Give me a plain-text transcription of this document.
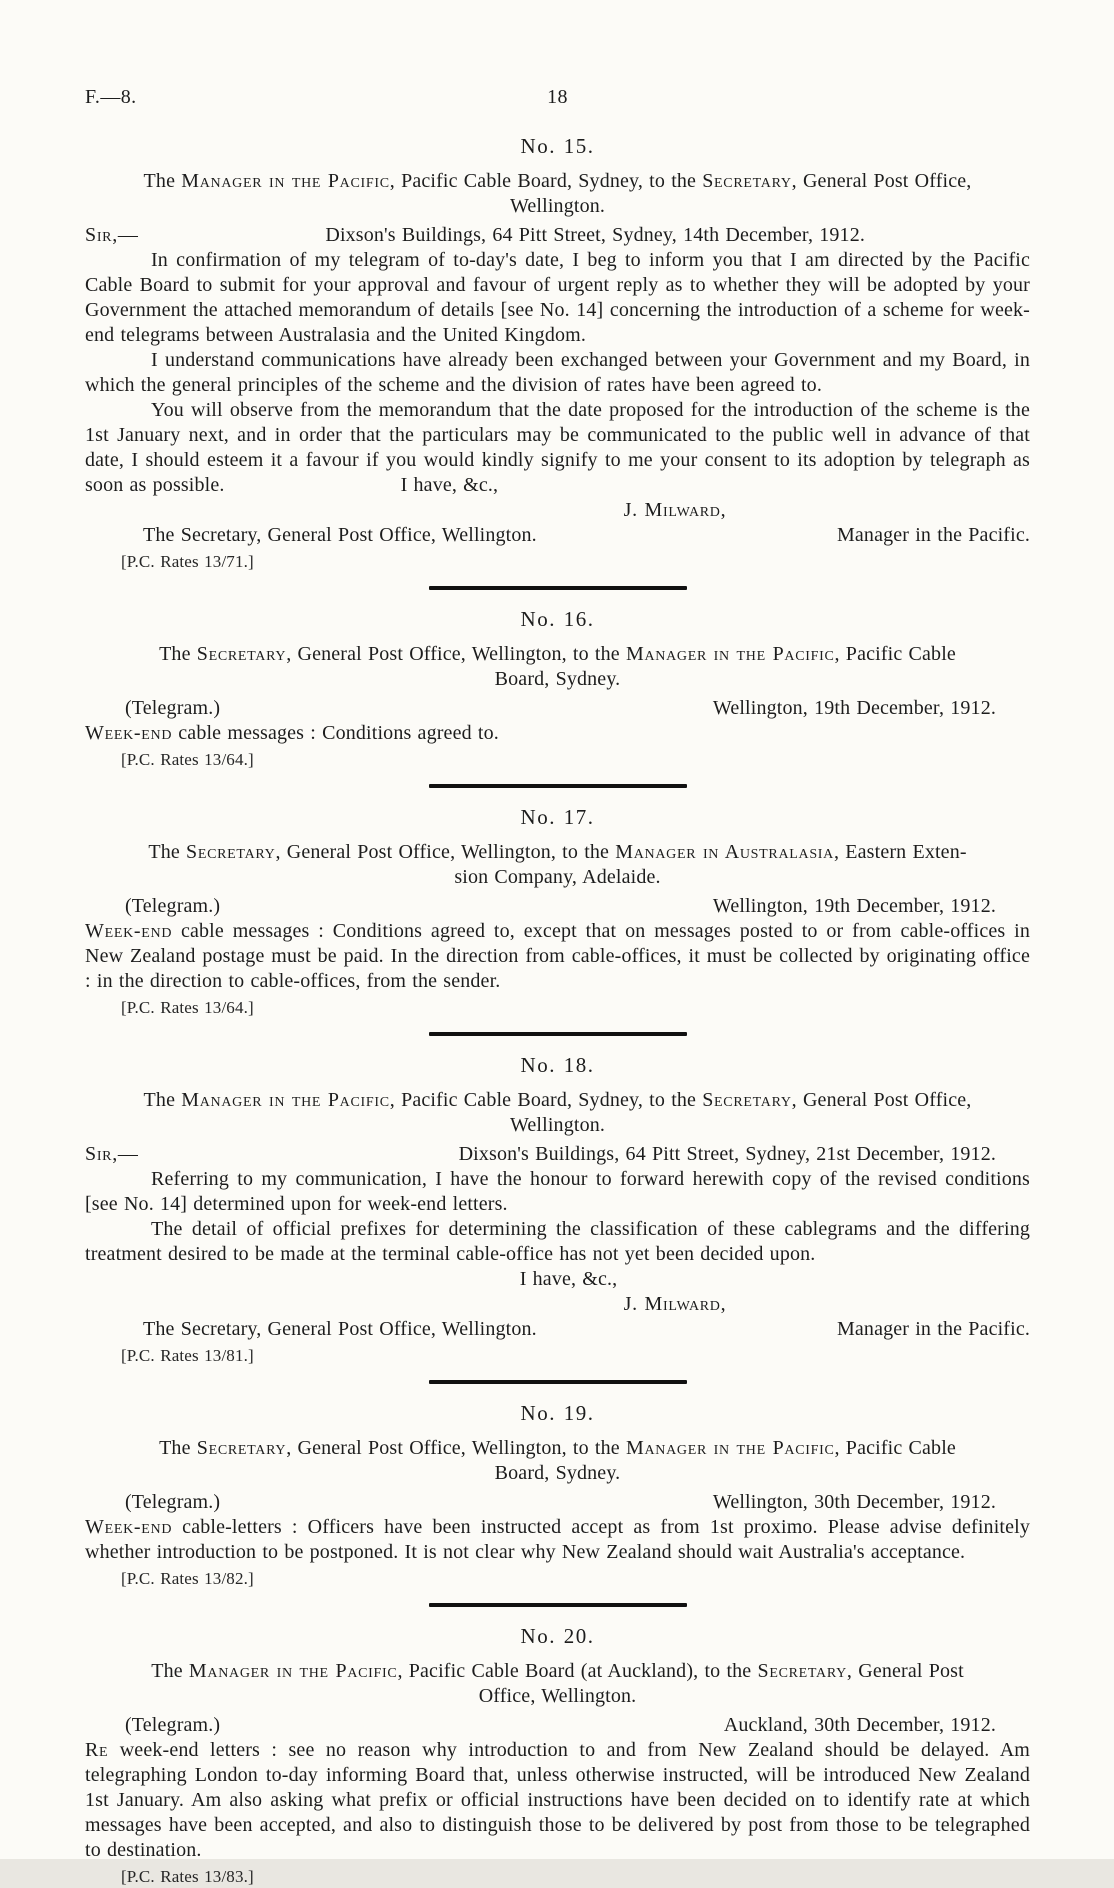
F.—8.	18
No. 15.

The Manager in the Pacific, Pacific Cable Board, Sydney, to the Secretary, General Post Office,
Wellington.

Sir,—	Dixson's Buildings, 64 Pitt Street, Sydney, 14th December, 1912.

In confirmation of my telegram of to-day's date, I beg to inform you that I am directed by the Pacific Cable Board to submit for your approval and favour of urgent reply as to whether they will be adopted by your Government the attached memorandum of details [see No. 14] concerning the introduction of a scheme for week-end telegrams between Australasia and the United Kingdom.

I understand communications have already been exchanged between your Government and my Board, in which the general principles of the scheme and the division of rates have been agreed to.

You will observe from the memorandum that the date proposed for the introduction of the scheme is the 1st January next, and in order that the particulars may be communicated to the public well in advance of that date, I should esteem it a favour if you would kindly signify to me your consent to its adoption by telegraph as soon as possible.	I have, &c.,

J. Milward,
The Secretary, General Post Office, Wellington.	Manager in the Pacific.
[P.C. Rates 13/71.]
No. 16.

The Secretary, General Post Office, Wellington, to the Manager in the Pacific, Pacific Cable
Board, Sydney.

(Telegram.)	Wellington, 19th December, 1912.

Week-end cable messages : Conditions agreed to.

[P.C. Rates 13/64.]
No. 17.

The Secretary, General Post Office, Wellington, to the Manager in Australasia, Eastern Exten-
sion Company, Adelaide.

(Telegram.)	Wellington, 19th December, 1912.

Week-end cable messages : Conditions agreed to, except that on messages posted to or from cable-offices in New Zealand postage must be paid. In the direction from cable-offices, it must be collected by originating office : in the direction to cable-offices, from the sender.

[P.C. Rates 13/64.]
No. 18.

The Manager in the Pacific, Pacific Cable Board, Sydney, to the Secretary, General Post Office,
Wellington.

Sir,—	Dixson's Buildings, 64 Pitt Street, Sydney, 21st December, 1912.

Referring to my communication, I have the honour to forward herewith copy of the revised conditions [see No. 14] determined upon for week-end letters.

The detail of official prefixes for determining the classification of these cablegrams and the differing treatment desired to be made at the terminal cable-office has not yet been decided upon.

I have, &c.,
J. Milward,
The Secretary, General Post Office, Wellington.	Manager in the Pacific.
[P.C. Rates 13/81.]
No. 19.

The Secretary, General Post Office, Wellington, to the Manager in the Pacific, Pacific Cable
Board, Sydney.

(Telegram.)	Wellington, 30th December, 1912.

Week-end cable-letters : Officers have been instructed accept as from 1st proximo. Please advise definitely whether introduction to be postponed. It is not clear why New Zealand should wait Australia's acceptance.

[P.C. Rates 13/82.]
No. 20.

The Manager in the Pacific, Pacific Cable Board (at Auckland), to the Secretary, General Post
Office, Wellington.

(Telegram.)	Auckland, 30th December, 1912.

Re week-end letters : see no reason why introduction to and from New Zealand should be delayed. Am telegraphing London to-day informing Board that, unless otherwise instructed, will be introduced New Zealand 1st January. Am also asking what prefix or official instructions have been decided on to identify rate at which messages have been accepted, and also to distinguish those to be delivered by post from those to be telegraphed to destination.

[P.C. Rates 13/83.]
